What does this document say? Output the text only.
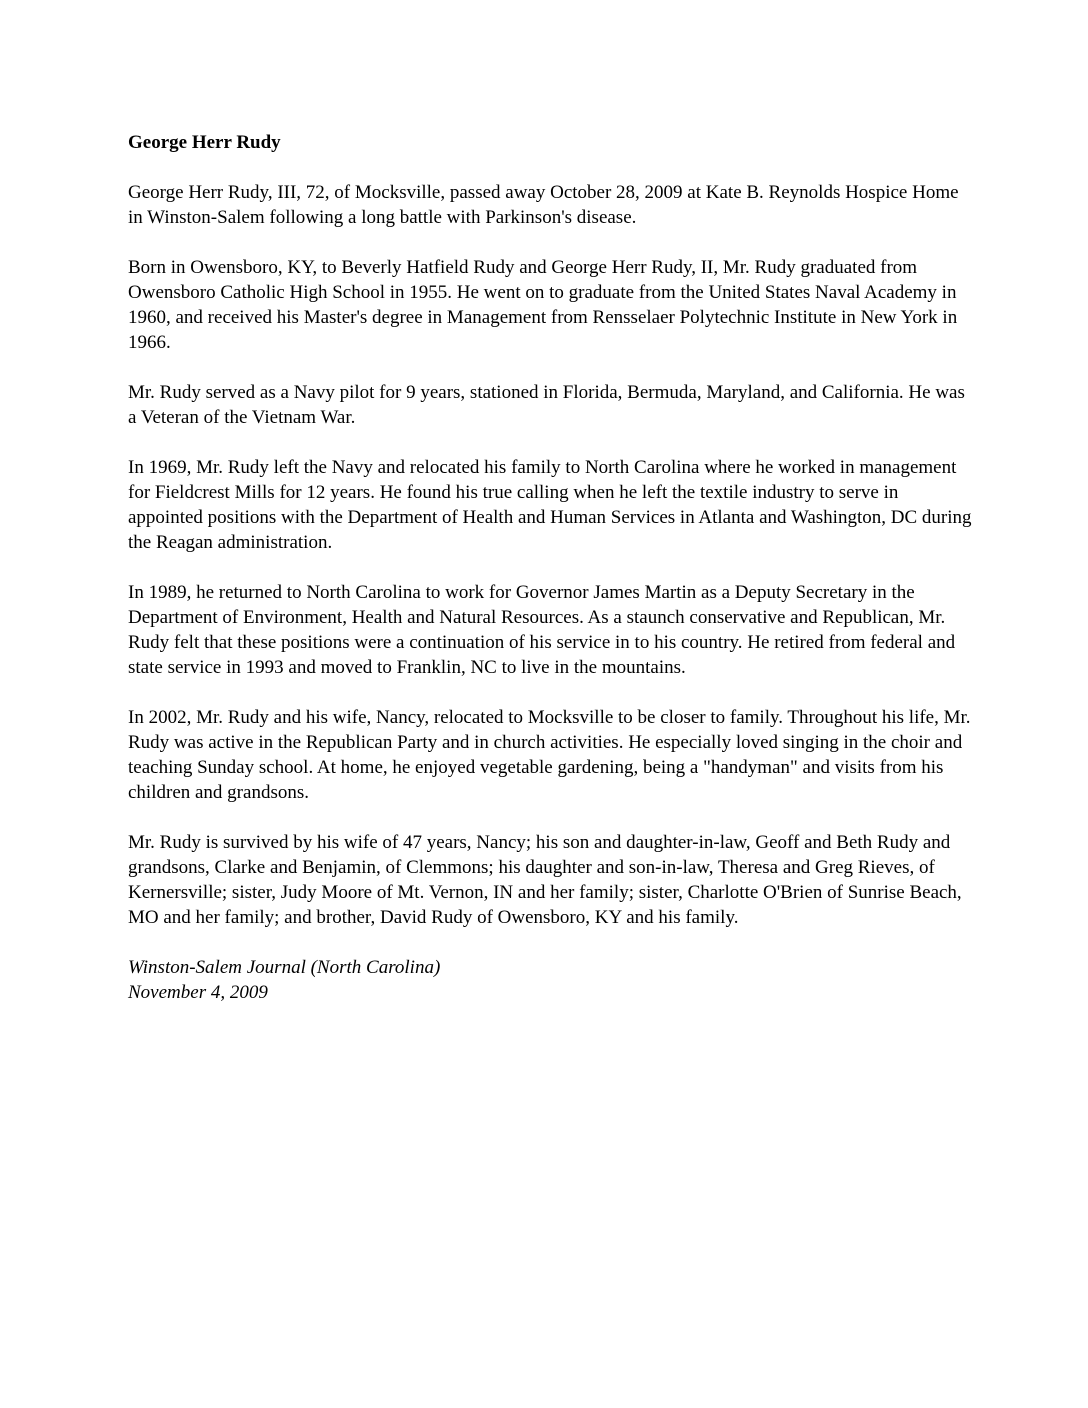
George Herr Rudy

George Herr Rudy, III, 72, of Mocksville, passed away October 28, 2009 at Kate B. Reynolds Hospice Home in Winston-Salem following a long battle with Parkinson's disease.

Born in Owensboro, KY, to Beverly Hatfield Rudy and George Herr Rudy, II, Mr. Rudy graduated from Owensboro Catholic High School in 1955. He went on to graduate from the United States Naval Academy in 1960, and received his Master's degree in Management from Rensselaer Polytechnic Institute in New York in 1966.

Mr. Rudy served as a Navy pilot for 9 years, stationed in Florida, Bermuda, Maryland, and California. He was a Veteran of the Vietnam War.

In 1969, Mr. Rudy left the Navy and relocated his family to North Carolina where he worked in management for Fieldcrest Mills for 12 years. He found his true calling when he left the textile industry to serve in appointed positions with the Department of Health and Human Services in Atlanta and Washington, DC during the Reagan administration.

In 1989, he returned to North Carolina to work for Governor James Martin as a Deputy Secretary in the Department of Environment, Health and Natural Resources. As a staunch conservative and Republican, Mr. Rudy felt that these positions were a continuation of his service in to his country. He retired from federal and state service in 1993 and moved to Franklin, NC to live in the mountains.

In 2002, Mr. Rudy and his wife, Nancy, relocated to Mocksville to be closer to family. Throughout his life, Mr. Rudy was active in the Republican Party and in church activities. He especially loved singing in the choir and teaching Sunday school. At home, he enjoyed vegetable gardening, being a "handyman" and visits from his children and grandsons.

Mr. Rudy is survived by his wife of 47 years, Nancy; his son and daughter-in-law, Geoff and Beth Rudy and grandsons, Clarke and Benjamin, of Clemmons; his daughter and son-in-law, Theresa and Greg Rieves, of Kernersville; sister, Judy Moore of Mt. Vernon, IN and her family; sister, Charlotte O'Brien of Sunrise Beach, MO and her family; and brother, David Rudy of Owensboro, KY and his family.

Winston-Salem Journal (North Carolina)

November 4, 2009
